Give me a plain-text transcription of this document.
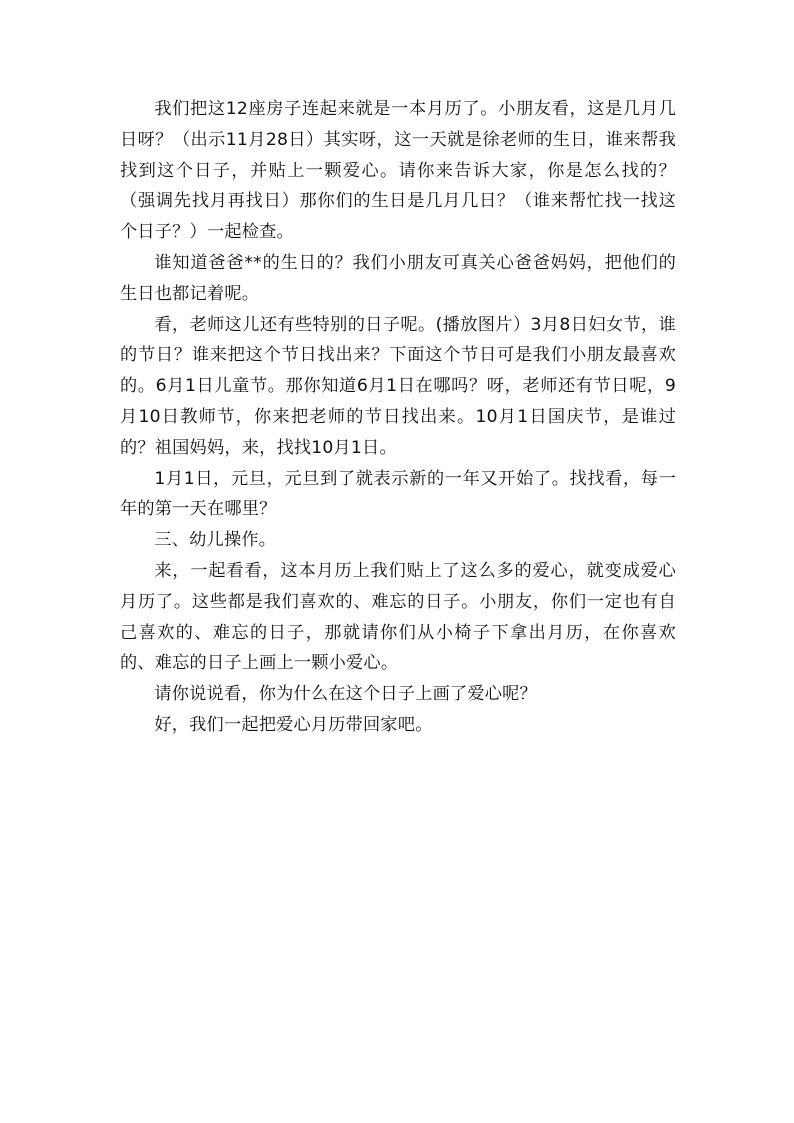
我们把这12座房子连起来就是一本月历了。小朋友看，这是几月几日呀？（出示11月28日）其实呀，这一天就是徐老师的生日，谁来帮我找到这个日子，并贴上一颗爱心。请你来告诉大家，你是怎么找的？（强调先找月再找日）那你们的生日是几月几日？（谁来帮忙找一找这个日子？）一起检查。

谁知道爸爸**的生日的？我们小朋友可真关心爸爸妈妈，把他们的生日也都记着呢。

看，老师这儿还有些特别的日子呢。(播放图片）3月8日妇女节，谁的节日？谁来把这个节日找出来？下面这个节日可是我们小朋友最喜欢的。6月1日儿童节。那你知道6月1日在哪吗？呀，老师还有节日呢，9月10日教师节，你来把老师的节日找出来。10月1日国庆节，是谁过的？祖国妈妈，来，找找10月1日。

1月1日，元旦，元旦到了就表示新的一年又开始了。找找看，每一年的第一天在哪里？

三、幼儿操作。

来，一起看看，这本月历上我们贴上了这么多的爱心，就变成爱心月历了。这些都是我们喜欢的、难忘的日子。小朋友，你们一定也有自己喜欢的、难忘的日子，那就请你们从小椅子下拿出月历，在你喜欢的、难忘的日子上画上一颗小爱心。

请你说说看，你为什么在这个日子上画了爱心呢？

好，我们一起把爱心月历带回家吧。
